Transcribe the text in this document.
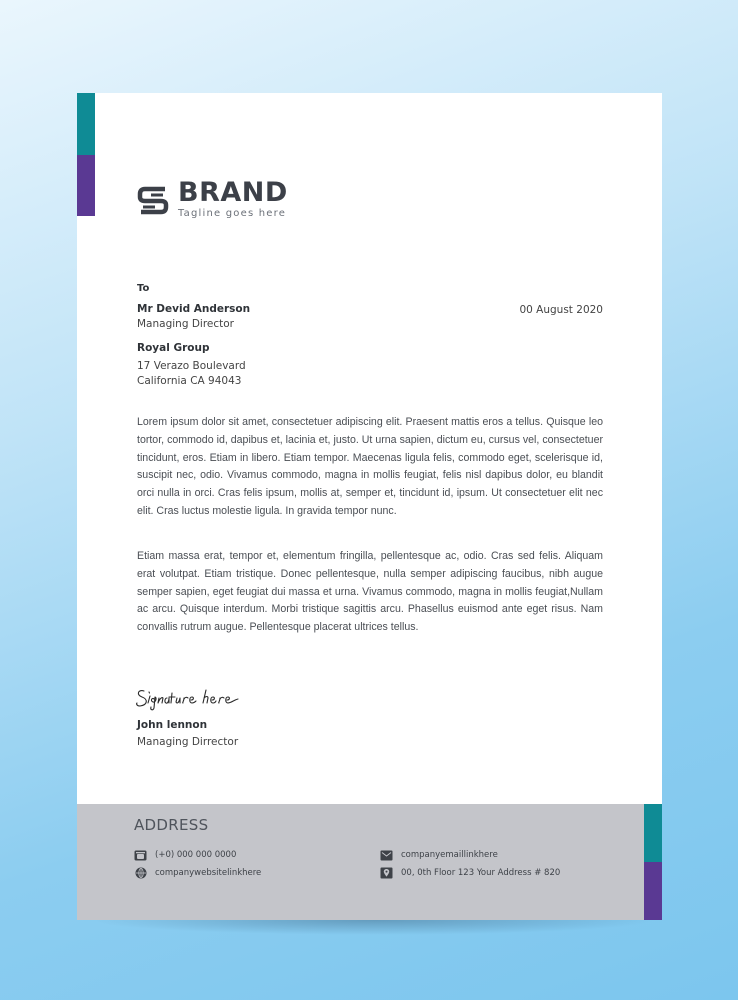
BRAND
Tagline goes here
To
Mr Devid Anderson
Managing Director
00 August 2020
Royal Group
17 Verazo Boulevard
California CA 94043

Lorem ipsum dolor sit amet, consectetuer adipiscing elit. Praesent mattis eros a tellus. Quisque leo tortor, commodo id, dapibus et, lacinia et, justo. Ut urna sapien, dictum eu, cursus vel, consectetuer tincidunt, eros. Etiam in libero. Etiam tempor. Maecenas ligula felis, commodo eget, scelerisque id, suscipit nec, odio. Vivamus commodo, magna in mollis feugiat, felis nisl dapibus dolor, eu blandit orci nulla in orci. Cras felis ipsum, mollis at, semper et, tincidunt id, ipsum. Ut consectetuer elit nec elit. Cras luctus molestie ligula. In gravida tempor nunc.

Etiam massa erat, tempor et, elementum fringilla, pellentesque ac, odio. Cras sed felis. Aliquam erat volutpat. Etiam tristique. Donec pellentesque, nulla semper adipiscing faucibus, nibh augue semper sapien, eget feugiat dui massa et urna. Vivamus commodo, magna in mollis feugiat,Nullam ac arcu. Quisque interdum. Morbi tristique sagittis arcu. Phasellus euismod ante eget risus. Nam convallis rutrum augue. Pellentesque placerat ultrices tellus.

Signature here
John lennon
Managing Dirrector
ADDRESS
(+0) 000 000 0000
companywebsitelinkhere
companyemaillinkhere
00, 0th Floor 123 Your Address # 820
